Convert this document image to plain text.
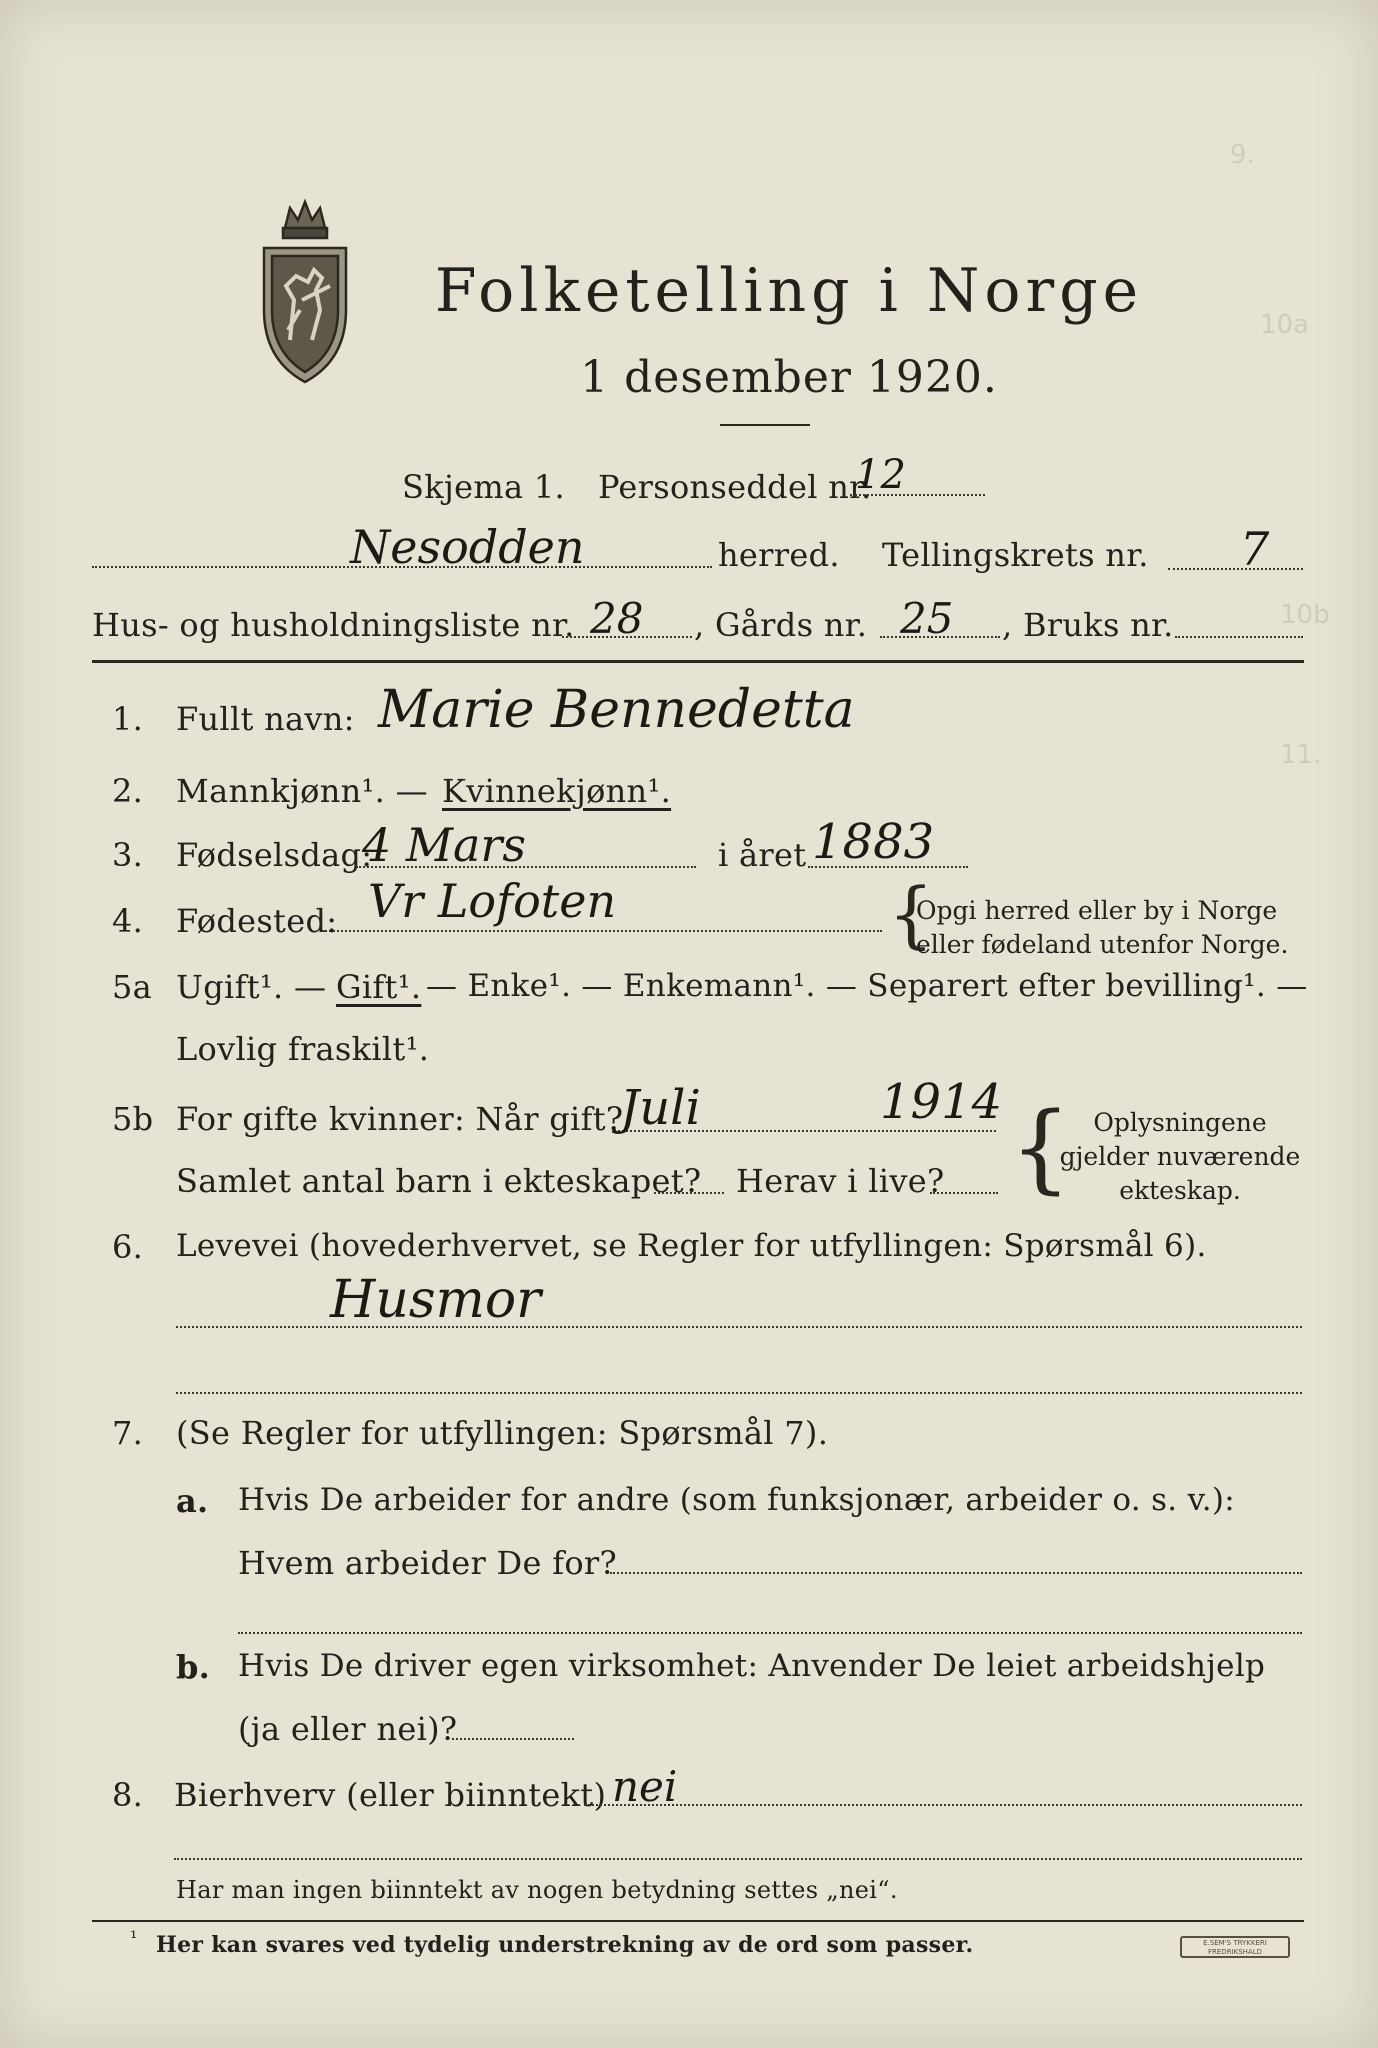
9.
10a
10b
11.
Folketelling i Norge
1 desember 1920.
Skjema 1. Personseddel nr.
12
Nesodden	herred. Tellingskrets nr. 7
Hus- og husholdningsliste nr. 28 , Gårds nr. 25 , Bruks nr.
1. Fullt navn: Marie Bennedetta
2. Mannkjønn¹. — Kvinnekjønn¹.
3. Fødselsdag:
4 Mars	i året 1883
4. Fødested: Vr Lofoten	{
Opgi herred eller by i Norge
eller fødeland utenfor Norge.
5a Ugift¹. — Gift¹. — Enke¹. — Enkemann¹. — Separert efter bevilling¹. —
Lovlig fraskilt¹.
5b For gifte kvinner: Når gift?
Juli	1914
Samlet antal barn i ekteskapet? Herav i live? { Oplysningene
gjelder nuværende
ekteskap.
6. Levevei (hovederhvervet, se Regler for utfyllingen: Spørsmål 6).
Husmor
7. (Se Regler for utfyllingen: Spørsmål 7).
a. Hvis De arbeider for andre (som funksjonær, arbeider o. s. v.):
Hvem arbeider De for?
b. Hvis De driver egen virksomhet: Anvender De leiet arbeidshjelp
(ja eller nei)?
8. Bierhverv (eller biinntekt) nei
Har man ingen biinntekt av nogen betydning settes „nei“.
¹ Her kan svares ved tydelig understrekning av de ord som passer.	E.SEM'S TRYKKERI FREDRIKSHALD
